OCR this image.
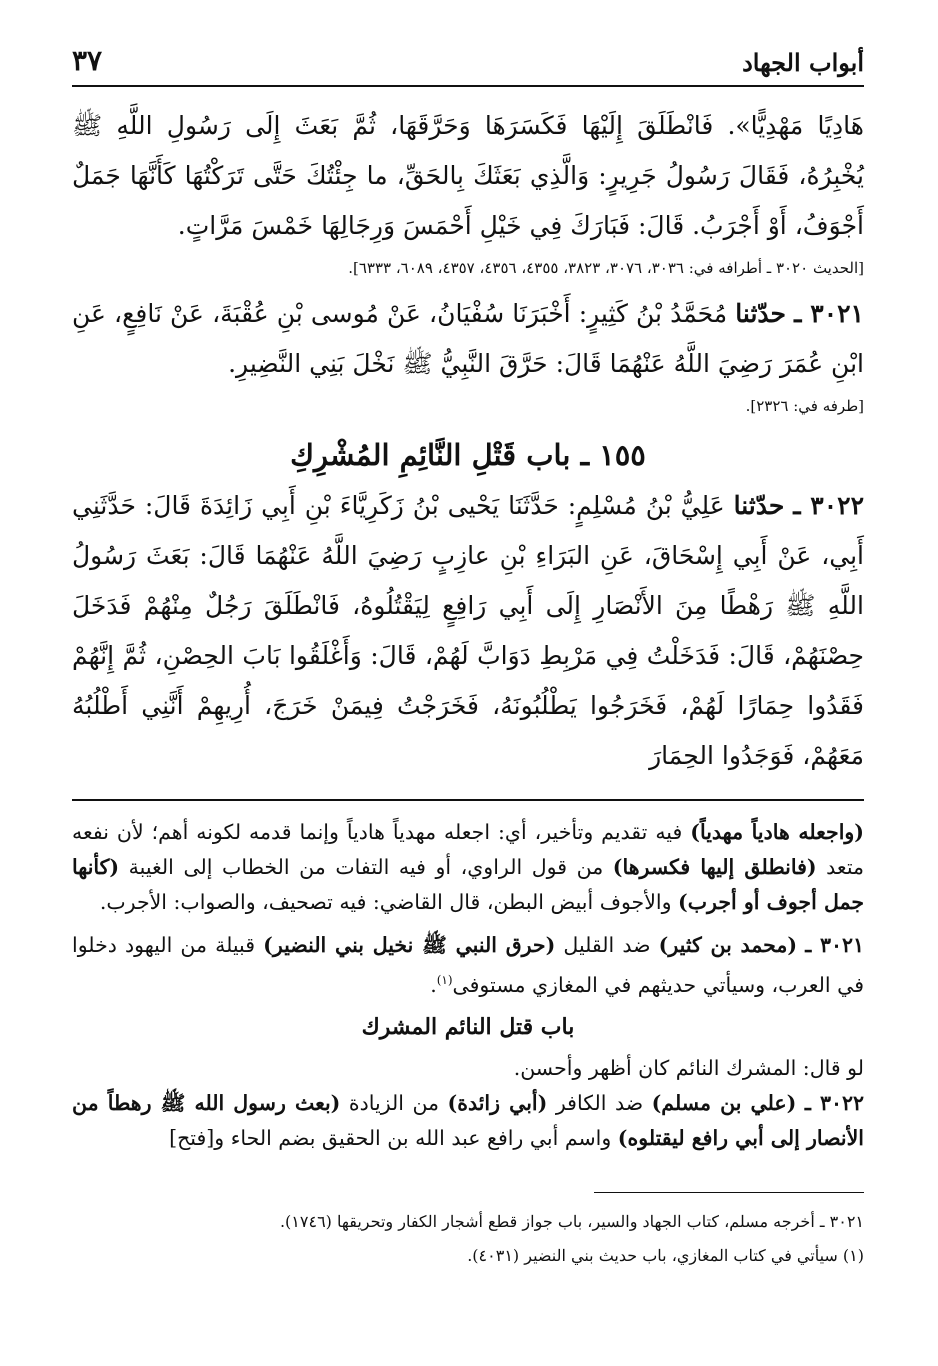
أبواب الجهاد
٣٧

هَادِيًا مَهْدِيًّا». فَانْطَلَقَ إِلَيْهَا فَكَسَرَهَا وَحَرَّقَهَا، ثُمَّ بَعَثَ إِلَى رَسُولِ اللَّهِ ﷺ يُخْبِرُهُ، فَقَالَ رَسُولُ جَرِيرٍ: وَالَّذِي بَعَثَكَ بِالحَقِّ، ما جِئْتُكَ حَتَّى تَرَكْتُهَا كَأَنَّهَا جَمَلٌ أَجْوَفُ، أَوْ أَجْرَبُ. قَالَ: فَبَارَكَ فِي خَيْلِ أَحْمَسَ وَرِجَالِهَا خَمْسَ مَرَّاتٍ.

[الحديث ٣٠٢٠ ـ أطرافه في: ٣٠٣٦، ٣٠٧٦، ٣٨٢٣، ٤٣٥٥، ٤٣٥٦، ٤٣٥٧، ٦٠٨٩، ٦٣٣٣].

٣٠٢١ ـ حدّثنا مُحَمَّدُ بْنُ كَثِيرٍ: أَخْبَرَنَا سُفْيَانُ، عَنْ مُوسى بْنِ عُقْبَةَ، عَنْ نَافِعٍ، عَنِ ابْنِ عُمَرَ رَضِيَ اللَّهُ عَنْهُمَا قَالَ: حَرَّقَ النَّبِيُّ ﷺ نَخْلَ بَنِي النَّضِيرِ.

[طرفه في: ٢٣٢٦].

١٥٥ ـ باب قَتْلِ النَّائِمِ المُشْرِكِ

٣٠٢٢ ـ حدّثنا عَلِيُّ بْنُ مُسْلِمٍ: حَدَّثَنَا يَحْيى بْنُ زَكَرِيَّاءَ بْنِ أَبِي زَائِدَةَ قَالَ: حَدَّثَنِي أَبِي، عَنْ أَبِي إِسْحَاقَ، عَنِ البَرَاءِ بْنِ عازِبٍ رَضِيَ اللَّهُ عَنْهُمَا قَالَ: بَعَثَ رَسُولُ اللَّهِ ﷺ رَهْطًا مِنَ الأَنْصَارِ إِلَى أَبِي رَافِعٍ لِيَقْتُلُوهُ، فَانْطَلَقَ رَجُلٌ مِنْهُمْ فَدَخَلَ حِصْنَهُمْ، قَالَ: فَدَخَلْتُ فِي مَرْبِطِ دَوَابَّ لَهُمْ، قَالَ: وَأَغْلَقُوا بَابَ الحِصْنِ، ثُمَّ إِنَّهُمْ فَقَدُوا حِمَارًا لَهُمْ، فَخَرَجُوا يَطْلُبُونَهُ، فَخَرَجْتُ فِيمَنْ خَرَجَ، أُرِيهِمْ أَنَّنِي أَطْلُبُهُ مَعَهُمْ، فَوَجَدُوا الحِمَارَ

(واجعله هادياً مهدياً) فيه تقديم وتأخير، أي: اجعله مهدياً هادياً وإنما قدمه لكونه أهم؛ لأن نفعه متعد (فانطلق إليها فكسرها) من قول الراوي، أو فيه التفات من الخطاب إلى الغيبة (كأنها جمل أجوف أو أجرب) والأجوف أبيض البطن، قال القاضي: فيه تصحيف، والصواب: الأجرب.

٣٠٢١ ـ (محمد بن كثير) ضد القليل (حرق النبي ﷺ نخيل بني النضير) قبيلة من اليهود دخلوا في العرب، وسيأتي حديثهم في المغازي مستوفى$^{(١)}$.

باب قتل النائم المشرك

لو قال: المشرك النائم كان أظهر وأحسن.

٣٠٢٢ ـ (علي بن مسلم) ضد الكافر (أبي زائدة) من الزيادة (بعث رسول الله ﷺ رهطاً من الأنصار إلى أبي رافع ليقتلوه) واسم أبي رافع عبد الله بن الحقيق بضم الحاء و[فتح]

٣٠٢١ ـ أخرجه مسلم، كتاب الجهاد والسير، باب جواز قطع أشجار الكفار وتحريقها (١٧٤٦).

(١) سيأتي في كتاب المغازي، باب حديث بني النضير (٤٠٣١).
